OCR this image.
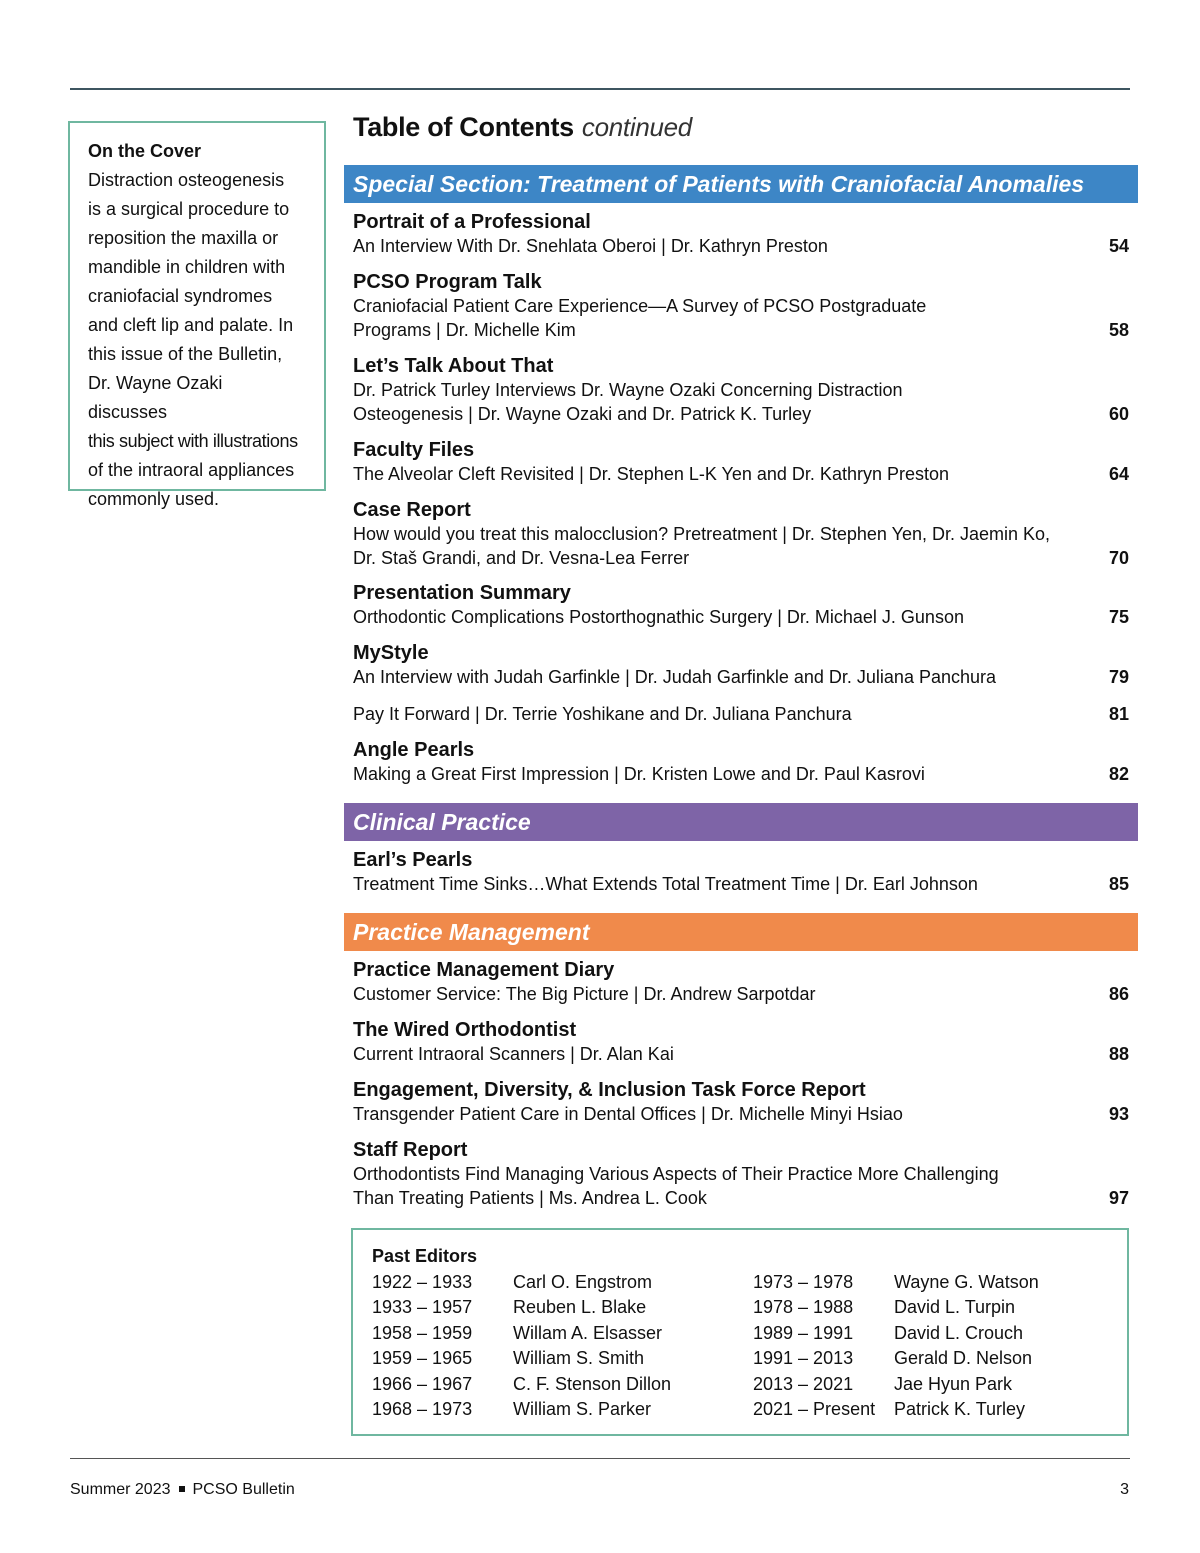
On the Cover
Distraction osteogenesis
is a surgical procedure to
reposition the maxilla or
mandible in children with
craniofacial syndromes
and cleft lip and palate. In
this issue of the Bulletin,
Dr. Wayne Ozaki discusses
this subject with illustrations
of the intraoral appliances
commonly used.
Table of Contents continued
Special Section: Treatment of Patients with Craniofacial Anomalies
Portrait of a Professional
An Interview With Dr. Snehlata Oberoi | Dr. Kathryn Preston	54
PCSO Program Talk
Craniofacial Patient Care Experience—A Survey of PCSO Postgraduate Programs | Dr. Michelle Kim	58
Let’s Talk About That
Dr. Patrick Turley Interviews Dr. Wayne Ozaki Concerning Distraction Osteogenesis | Dr. Wayne Ozaki and Dr. Patrick K. Turley	60
Faculty Files
The Alveolar Cleft Revisited | Dr. Stephen L-K Yen and Dr. Kathryn Preston	64
Case Report
How would you treat this malocclusion? Pretreatment | Dr. Stephen Yen, Dr. Jaemin Ko, Dr. Staš Grandi, and Dr. Vesna-Lea Ferrer	70
Presentation Summary
Orthodontic Complications Postorthognathic Surgery | Dr. Michael J. Gunson	75
MyStyle
An Interview with Judah Garfinkle | Dr. Judah Garfinkle and Dr. Juliana Panchura	79
Pay It Forward | Dr. Terrie Yoshikane and Dr. Juliana Panchura	81
Angle Pearls
Making a Great First Impression | Dr. Kristen Lowe and Dr. Paul Kasrovi	82
Clinical Practice
Earl’s Pearls
Treatment Time Sinks…What Extends Total Treatment Time | Dr. Earl Johnson	85
Practice Management
Practice Management Diary
Customer Service: The Big Picture | Dr. Andrew Sarpotdar	86
The Wired Orthodontist
Current Intraoral Scanners | Dr. Alan Kai	88
Engagement, Diversity, & Inclusion Task Force Report
Transgender Patient Care in Dental Offices | Dr. Michelle Minyi Hsiao	93
Staff Report
Orthodontists Find Managing Various Aspects of Their Practice More Challenging Than Treating Patients | Ms. Andrea L. Cook	97
Past Editors
1922 – 1933	Carl O. Engstrom
1933 – 1957	Reuben L. Blake
1958 – 1959	Willam A. Elsasser
1959 – 1965	William S. Smith
1966 – 1967	C. F. Stenson Dillon
1968 – 1973	William S. Parker
1973 – 1978	Wayne G. Watson
1978 – 1988	David L. Turpin
1989 – 1991	David L. Crouch
1991 – 2013	Gerald D. Nelson
2013 – 2021	Jae Hyun Park
2021 – Present	Patrick K. Turley
Summer 2023 PCSO Bulletin	3
